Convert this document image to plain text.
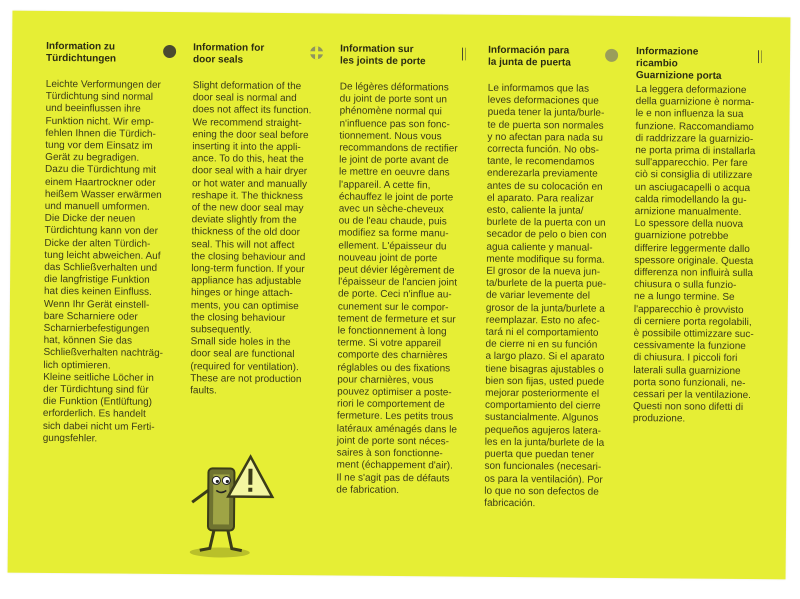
Information zu
Türdichtungen
Leichte Verformungen der
Türdichtung sind normal
und beeinflussen ihre
Funktion nicht. Wir emp-
fehlen Ihnen die Türdich-
tung vor dem Einsatz im
Gerät zu begradigen.
Dazu die Türdichtung mit
einem Haartrockner oder
heißem Wasser erwärmen
und manuell umformen.
Die Dicke der neuen
Türdichtung kann von der
Dicke der alten Türdich-
tung leicht abweichen. Auf
das Schließverhalten und
die langfristige Funktion
hat dies keinen Einfluss.
Wenn Ihr Gerät einstell-
bare Scharniere oder
Scharnierbefestigungen
hat, können Sie das
Schließverhalten nachträg-
lich optimieren.
Kleine seitliche Löcher in
der Türdichtung sind für
die Funktion (Entlüftung)
erforderlich. Es handelt
sich dabei nicht um Ferti-
gungsfehler.
Information for
door seals
Slight deformation of the
door seal is normal and
does not affect its function.
We recommend straight-
ening the door seal before
inserting it into the appli-
ance. To do this, heat the
door seal with a hair dryer
or hot water and manually
reshape it. The thickness
of the new door seal may
deviate slightly from the
thickness of the old door
seal. This will not affect
the closing behaviour and
long-term function. If your
appliance has adjustable
hinges or hinge attach-
ments, you can optimise
the closing behaviour
subsequently.
Small side holes in the
door seal are functional
(required for ventilation).
These are not production
faults.
Information sur
les joints de porte
De légères déformations
du joint de porte sont un
phénomène normal qui
n'influence pas son fonc-
tionnement. Nous vous
recommandons de rectifier
le joint de porte avant de
le mettre en oeuvre dans
l'appareil. A cette fin,
échauffez le joint de porte
avec un sèche-cheveux
ou de l'eau chaude, puis
modifiez sa forme manu-
ellement. L'épaisseur du
nouveau joint de porte
peut dévier légèrement de
l'épaisseur de l'ancien joint
de porte. Ceci n'influe au-
cunement sur le compor-
tement de fermeture et sur
le fonctionnement à long
terme. Si votre appareil
comporte des charnières
réglables ou des fixations
pour charnières, vous
pouvez optimiser a poste-
riori le comportement de
fermeture. Les petits trous
latéraux aménagés dans le
joint de porte sont néces-
saires à son fonctionne-
ment (échappement d'air).
Il ne s'agit pas de défauts
de fabrication.
Información para
la junta de puerta
Le informamos que las
leves deformaciones que
pueda tener la junta/burle-
te de puerta son normales
y no afectan para nada su
correcta función. No obs-
tante, le recomendamos
enderezarla previamente
antes de su colocación en
el aparato. Para realizar
esto, caliente la junta/
burlete de la puerta con un
secador de pelo o bien con
agua caliente y manual-
mente modifique su forma.
El grosor de la nueva jun-
ta/burlete de la puerta pue-
de variar levemente del
grosor de la junta/burlete a
reemplazar. Esto no afec-
tará ni el comportamiento
de cierre ni en su función
a largo plazo. Si el aparato
tiene bisagras ajustables o
bien son fijas, usted puede
mejorar posteriormente el
comportamiento del cierre
sustancialmente. Algunos
pequeños agujeros latera-
les en la junta/burlete de la
puerta que puedan tener
son funcionales (necesari-
os para la ventilación). Por
lo que no son defectos de
fabricación.
Informazione
ricambio
Guarnizione porta
La leggera deformazione
della guarnizione è norma-
le e non influenza la sua
funzione. Raccomandiamo
di raddrizzare la guarnizio-
ne porta prima di installarla
sull'apparecchio. Per fare
ciò si consiglia di utilizzare
un asciugacapelli o acqua
calda rimodellando la gu-
arnizione manualmente.
Lo spessore della nuova
guarnizione potrebbe
differire leggermente dallo
spessore originale. Questa
differenza non influirà sulla
chiusura o sulla funzio-
ne a lungo termine. Se
l'apparecchio è provvisto
di cerniere porta regolabili,
è possibile ottimizzare suc-
cessivamente la funzione
di chiusura. I piccoli fori
laterali sulla guarnizione
porta sono funzionali, ne-
cessari per la ventilazione.
Questi non sono difetti di
produzione.
